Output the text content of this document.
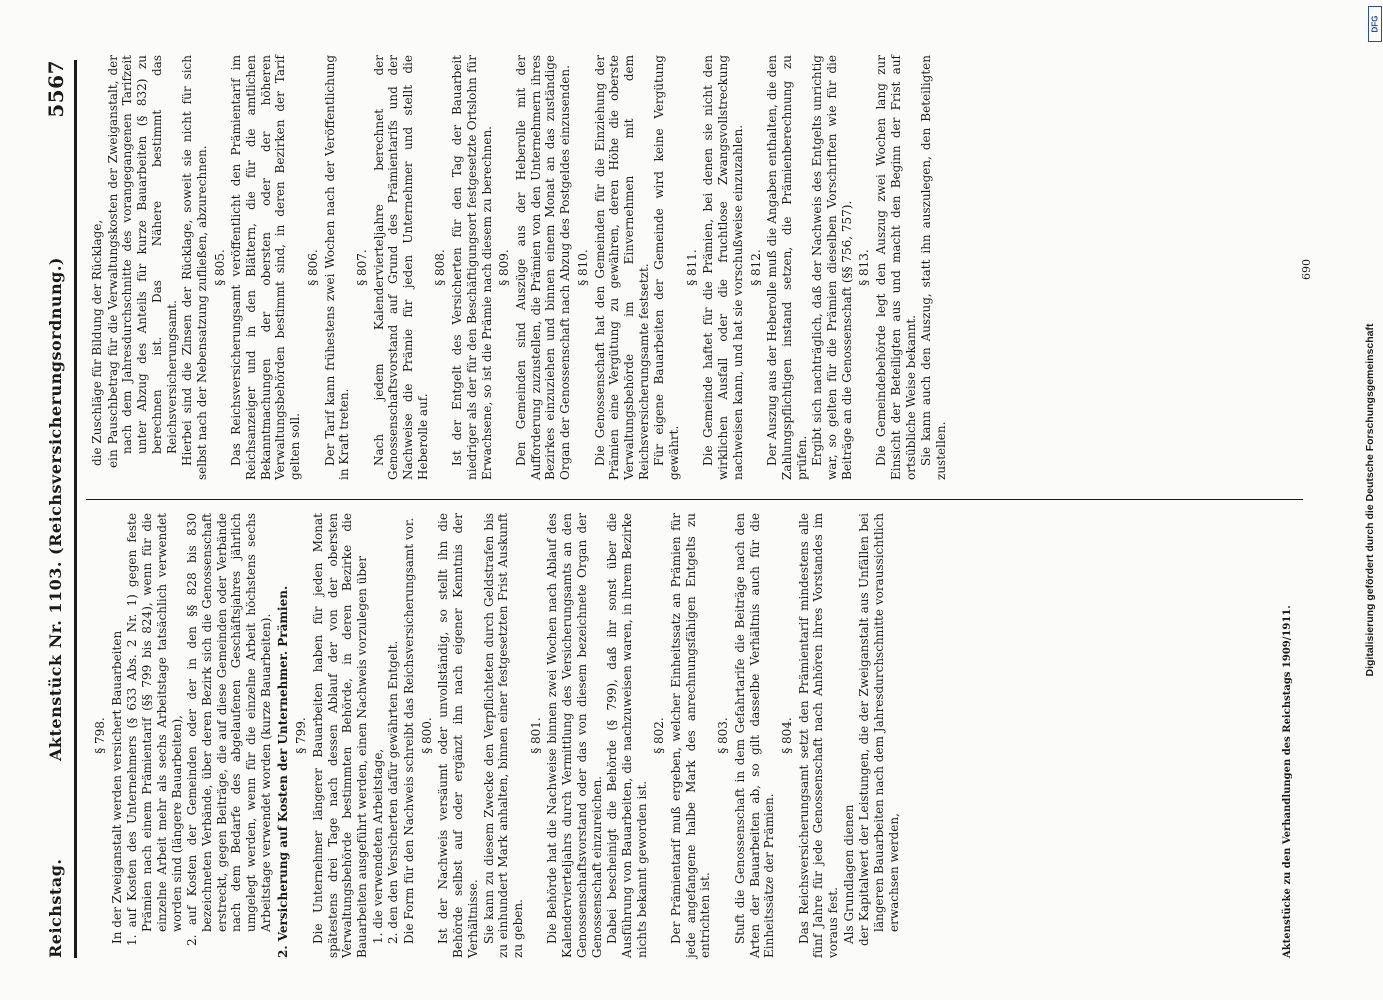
Reichstag.
Aktenstück Nr. 1103. (Reichsversicherungsordnung.)
5567

§ 798. In der Zweiganstalt werden versichert Bauarbeiten 1. auf Kosten des Unternehmers (§ 633 Abs. 2 Nr. 1) gegen feste Prämien nach einem Prämientarif (§§ 799 bis 824), wenn für die einzelne Arbeit mehr als sechs Arbeitstage tatsächlich verwendet worden sind (längere Bauarbeiten), 2. auf Kosten der Gemeinden oder der in den §§ 828 bis 830 bezeichneten Verbände, über deren Bezirk sich die Genossenschaft erstreckt, gegen Beiträge, die auf diese Gemeinden oder Verbände nach dem Bedarfe des abgelaufenen Geschäftsjahres jährlich umgelegt werden, wenn für die einzelne Arbeit höchstens sechs Arbeitstage verwendet worden (kurze Bauarbeiten). 2. Versicherung auf Kosten der Unternehmer. Prämien. § 799. Die Unternehmer längerer Bauarbeiten haben für jeden Monat spätestens drei Tage nach dessen Ablauf der von der obersten Verwaltungsbehörde bestimmten Behörde, in deren Bezirke die Bauarbeiten ausgeführt werden, einen Nachweis vorzulegen über 1. die verwendeten Arbeitstage, 2. den den Versicherten dafür gewährten Entgelt. Die Form für den Nachweis schreibt das Reichsversicherungsamt vor. § 800. Ist der Nachweis versäumt oder unvollständig, so stellt ihn die Behörde selbst auf oder ergänzt ihn nach eigener Kenntnis der Verhältnisse. Sie kann zu diesem Zwecke den Verpflichteten durch Geldstrafen bis zu einhundert Mark anhalten, binnen einer festgesetzten Frist Auskunft zu geben.

§ 801. Die Behörde hat die Nachweise binnen zwei Wochen nach Ablauf des Kalendervierteljahrs durch Vermittlung des Versicherungsamts an den Genossenschaftsvorstand oder das von diesem bezeichnete Organ der Genossenschaft einzureichen. Dabei bescheinigt die Behörde (§ 799), daß ihr sonst über die Ausführung von Bauarbeiten, die nachzuweisen waren, in ihrem Bezirke nichts bekannt geworden ist.

§ 802. Der Prämientarif muß ergeben, welcher Einheitssatz an Prämien für jede angefangene halbe Mark des anrechnungsfähigen Entgelts zu entrichten ist.

§ 803. Stuft die Genossenschaft in dem Gefahrtarife die Beiträge nach den Arten der Bauarbeiten ab, so gilt dasselbe Verhältnis auch für die Einheitssätze der Prämien.

§ 804. Das Reichsversicherungsamt setzt den Prämientarif mindestens alle fünf Jahre für jede Genossenschaft nach Anhören ihres Vorstandes im voraus fest. Als Grundlagen dienen der Kapitalwert der Leistungen, die der Zweiganstalt aus Unfällen bei längeren Bauarbeiten nach dem Jahresdurchschnitte voraussichtlich erwachsen werden,

die Zuschläge für Bildung der Rücklage, ein Pauschbetrag für die Verwaltungskosten der Zweiganstalt, der nach dem Jahresdurchschnitte des vorangegangenen Tarifzeit unter Abzug des Anteils für kurze Bauarbeiten (§ 832) zu berechnen ist. Das Nähere bestimmt das Reichsversicherungsamt. Hierbei sind die Zinsen der Rücklage, soweit sie nicht für sich selbst nach der Nebensatzung zufließen, abzurechnen. § 805. Das Reichsversicherungsamt veröffentlicht den Prämientarif im Reichsanzeiger und in den Blättern, die für die amtlichen Bekanntmachungen der obersten oder der höheren Verwaltungsbehörden bestimmt sind, in deren Bezirken der Tarif gelten soll.

§ 806. Der Tarif kann frühestens zwei Wochen nach der Veröffentlichung in Kraft treten.

§ 807. Nach jedem Kalendervierteljahre berechnet der Genossenschaftsvorstand auf Grund des Prämientarifs und der Nachweise die Prämie für jeden Unternehmer und stellt die Heberolle auf.

§ 808. Ist der Entgelt des Versicherten für den Tag der Bauarbeit niedriger als der für den Beschäftigungsort festgesetzte Ortslohn für Erwachsene, so ist die Prämie nach diesem zu berechnen. § 809. Den Gemeinden sind Auszüge aus der Heberolle mit der Aufforderung zuzustellen, die Prämien von den Unternehmern ihres Bezirkes einzuziehen und binnen einem Monat an das zuständige Organ der Genossenschaft nach Abzug des Postgeldes einzusenden. § 810. Die Genossenschaft hat den Gemeinden für die Einziehung der Prämien eine Vergütung zu gewähren, deren Höhe die oberste Verwaltungsbehörde im Einvernehmen mit dem Reichsversicherungsamte festsetzt. Für eigene Bauarbeiten der Gemeinde wird keine Vergütung gewährt.

§ 811. Die Gemeinde haftet für die Prämien, bei denen sie nicht den wirklichen Ausfall oder die fruchtlose Zwangsvollstreckung nachweisen kann, und hat sie vorschußweise einzuzahlen. § 812. Der Auszug aus der Heberolle muß die Angaben enthalten, die den Zahlungspflichtigen instand setzen, die Prämienberechnung zu prüfen. Ergibt sich nachträglich, daß der Nachweis des Entgelts unrichtig war, so gelten für die Prämien dieselben Vorschriften wie für die Beiträge an die Genossenschaft (§§ 756, 757). § 813. Die Gemeindebehörde legt den Auszug zwei Wochen lang zur Einsicht der Beteiligten aus und macht den Beginn der Frist auf ortsübliche Weise bekannt. Sie kann auch den Auszug, statt ihn auszulegen, den Beteiligten zustellen.

Aktenstücke zu den Verhandlungen des Reichstags 1909/1911.
690
DFG
Digitalisierung gefördert durch die Deutsche Forschungsgemeinschaft
